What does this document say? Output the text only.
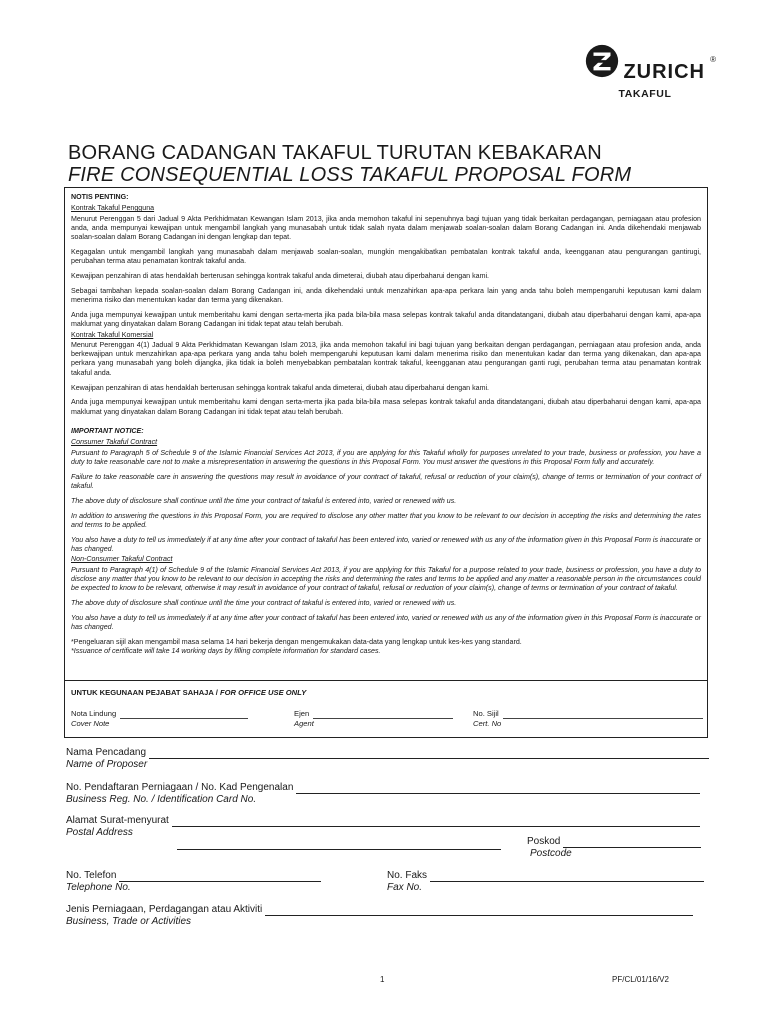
ZURICH
®
TAKAFUL
BORANG CADANGAN TAKAFUL TURUTAN KEBAKARAN
FIRE CONSEQUENTIAL LOSS TAKAFUL PROPOSAL FORM

NOTIS PENTING:

Kontrak Takaful Pengguna

Menurut Perenggan 5 dari Jadual 9 Akta Perkhidmatan Kewangan Islam 2013, jika anda memohon takaful ini sepenuhnya bagi tujuan yang tidak berkaitan perdagangan, perniagaan atau profesion anda, anda mempunyai kewajipan untuk mengambil langkah yang munasabah untuk tidak salah nyata dalam menjawab soalan-soalan dalam Borang Cadangan ini. Anda dikehendaki menjawab soalan-soalan dalam Borang Cadangan ini dengan lengkap dan tepat.

Kegagalan untuk mengambil langkah yang munasabah dalam menjawab soalan-soalan, mungkin mengakibatkan pembatalan kontrak takaful anda, keengganan atau pengurangan gantirugi, perubahan terma atau penamatan kontrak takaful anda.

Kewajipan penzahiran di atas hendaklah berterusan sehingga kontrak takaful anda dimeterai, diubah atau diperbaharui dengan kami.

Sebagai tambahan kepada soalan-soalan dalam Borang Cadangan ini, anda dikehendaki untuk menzahirkan apa-apa perkara lain yang anda tahu boleh mempengaruhi keputusan kami dalam menerima risiko dan menentukan kadar dan terma yang dikenakan.

Anda juga mempunyai kewajipan untuk memberitahu kami dengan serta-merta jika pada bila-bila masa selepas kontrak takaful anda ditandatangani, diubah atau diperbaharui dengan kami, apa-apa maklumat yang dinyatakan dalam Borang Cadangan ini tidak tepat atau telah berubah.

Kontrak Takaful Komersial

Menurut Perenggan 4(1) Jadual 9 Akta Perkhidmatan Kewangan Islam 2013, jika anda memohon takaful ini bagi tujuan yang berkaitan dengan perdagangan, perniagaan atau profesion anda, anda berkewajipan untuk menzahirkan apa-apa perkara yang anda tahu boleh mempengaruhi keputusan kami dalam menerima risiko dan menentukan kadar dan terma yang dikenakan, dan apa-apa perkara yang munasabah yang boleh dijangka, jika tidak ia boleh menyebabkan pembatalan kontrak takaful, keengganan atau pengurangan ganti rugi, perubahan terma atau penamatan kontrak takaful anda.

Kewajipan penzahiran di atas hendaklah berterusan sehingga kontrak takaful anda dimeterai, diubah atau diperbaharui dengan kami.

Anda juga mempunyai kewajipan untuk memberitahu kami dengan serta-merta jika pada bila-bila masa selepas kontrak takaful anda ditandatangani, diubah atau diperbaharui dengan kami, apa-apa maklumat yang dinyatakan dalam Borang Cadangan ini tidak tepat atau telah berubah.

IMPORTANT NOTICE:

Consumer Takaful Contract

Pursuant to Paragraph 5 of Schedule 9 of the Islamic Financial Services Act 2013, if you are applying for this Takaful wholly for purposes unrelated to your trade, business or profession, you have a duty to take reasonable care not to make a misrepresentation in answering the questions in this Proposal Form. You must answer the questions in this Proposal Form fully and accurately.

Failure to take reasonable care in answering the questions may result in avoidance of your contract of takaful, refusal or reduction of your claim(s), change of terms or termination of your contract of takaful.

The above duty of disclosure shall continue until the time your contract of takaful is entered into, varied or renewed with us.

In addition to answering the questions in this Proposal Form, you are required to disclose any other matter that you know to be relevant to our decision in accepting the risks and determining the rates and terms to be applied.

You also have a duty to tell us immediately if at any time after your contract of takaful has been entered into, varied or renewed with us any of the information given in this Proposal Form is inaccurate or has changed.

Non-Consumer Takaful Contract

Pursuant to Paragraph 4(1) of Schedule 9 of the Islamic Financial Services Act 2013, if you are applying for this Takaful for a purpose related to your trade, business or profession, you have a duty to disclose any matter that you know to be relevant to our decision in accepting the risks and determining the rates and terms to be applied and any matter a reasonable person in the circumstances could be expected to know to be relevant, otherwise it may result in avoidance of your contract of takaful, refusal or reduction of your claim(s), change of terms or termination of your contract of takaful.

The above duty of disclosure shall continue until the time your contract of takaful is entered into, varied or renewed with us.

You also have a duty to tell us immediately if at any time after your contract of takaful has been entered into, varied or renewed with us any of the information given in this Proposal Form is inaccurate or has changed.

*Pengeluaran sijil akan mengambil masa selama 14 hari bekerja dengan mengemukakan data-data yang lengkap untuk kes-kes yang standard.

*Issuance of certificate will take 14 working days by filling complete information for standard cases.

UNTUK KEGUNAAN PEJABAT SAHAJA / FOR OFFICE USE ONLY
Nota Lindung
Cover Note
Ejen
Agent
No. Sijil
Cert. No
Nama Pencadang
Name of Proposer
No. Pendaftaran Perniagaan / No. Kad Pengenalan
Business Reg. No. / Identification Card No.
Alamat Surat-menyurat
Postal Address
Poskod
Postcode
No. Telefon
Telephone No.
No. Faks
Fax No.
Jenis Perniagaan, Perdagangan atau Aktiviti
Business, Trade or Activities
1	PF/CL/01/16/V2
